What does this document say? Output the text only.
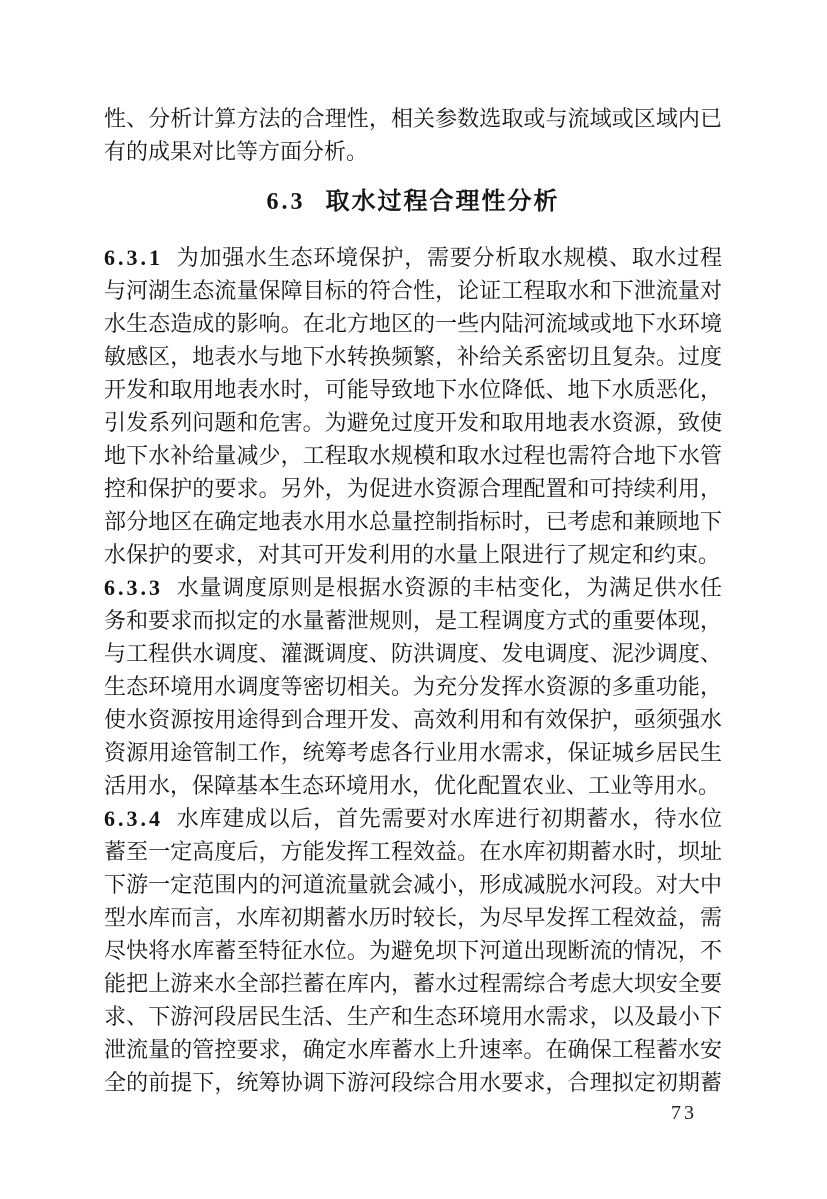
性、分析计算方法的合理性，相关参数选取或与流域或区域内已
有的成果对比等方面分析。
6.3 取水过程合理性分析
6.3.1 为加强水生态环境保护，需要分析取水规模、取水过程
与河湖生态流量保障目标的符合性，论证工程取水和下泄流量对
水生态造成的影响。在北方地区的一些内陆河流域或地下水环境
敏感区，地表水与地下水转换频繁，补给关系密切且复杂。过度
开发和取用地表水时，可能导致地下水位降低、地下水质恶化，
引发系列问题和危害。为避免过度开发和取用地表水资源，致使
地下水补给量减少，工程取水规模和取水过程也需符合地下水管
控和保护的要求。另外，为促进水资源合理配置和可持续利用，
部分地区在确定地表水用水总量控制指标时，已考虑和兼顾地下
水保护的要求，对其可开发利用的水量上限进行了规定和约束。
6.3.3 水量调度原则是根据水资源的丰枯变化，为满足供水任
务和要求而拟定的水量蓄泄规则，是工程调度方式的重要体现，
与工程供水调度、灌溉调度、防洪调度、发电调度、泥沙调度、
生态环境用水调度等密切相关。为充分发挥水资源的多重功能，
使水资源按用途得到合理开发、高效利用和有效保护，亟须强水
资源用途管制工作，统筹考虑各行业用水需求，保证城乡居民生
活用水，保障基本生态环境用水，优化配置农业、工业等用水。
6.3.4 水库建成以后，首先需要对水库进行初期蓄水，待水位
蓄至一定高度后，方能发挥工程效益。在水库初期蓄水时，坝址
下游一定范围内的河道流量就会减小，形成减脱水河段。对大中
型水库而言，水库初期蓄水历时较长，为尽早发挥工程效益，需
尽快将水库蓄至特征水位。为避免坝下河道出现断流的情况，不
能把上游来水全部拦蓄在库内，蓄水过程需综合考虑大坝安全要
求、下游河段居民生活、生产和生态环境用水需求，以及最小下
泄流量的管控要求，确定水库蓄水上升速率。在确保工程蓄水安
全的前提下，统筹协调下游河段综合用水要求，合理拟定初期蓄
73
